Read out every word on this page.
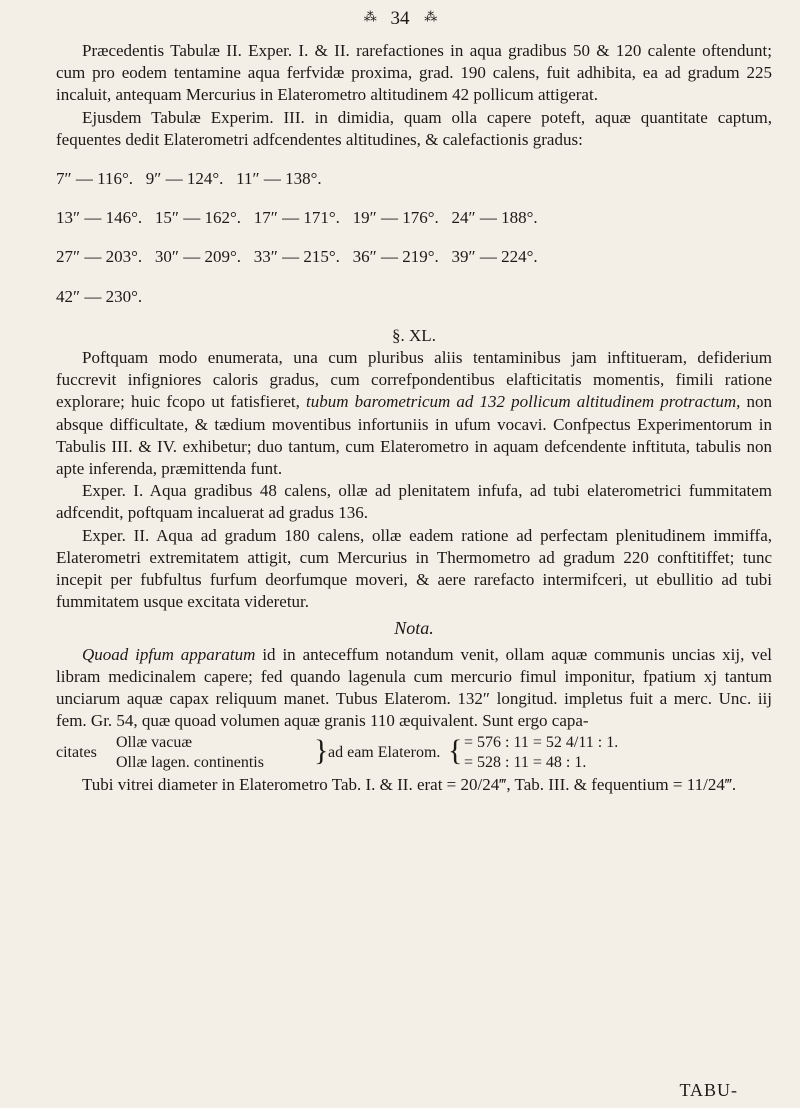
⁂ 34 ⁂

Præcedentis Tabulæ II. Exper. I. & II. rarefactiones in aqua gradibus 50 & 120 calente oftendunt; cum pro eodem tentamine aqua ferfvidæ proxima, grad. 190 calens, fuit adhibita, ea ad gradum 225 incaluit, antequam Mercurius in Elaterometro altitudinem 42 pollicum attigerat.

Ejusdem Tabulæ Experim. III. in dimidia, quam olla capere poteft, aquæ quantitate captum, fequentes dedit Elaterometri adfcendentes altitudines, & calefactionis gradus:

7″ — 116°.   9″ — 124°.   11″ — 138°.

13″ — 146°.   15″ — 162°.   17″ — 171°.   19″ — 176°.   24″ — 188°.

27″ — 203°.   30″ — 209°.   33″ — 215°.   36″ — 219°.   39″ — 224°.

42″ — 230°.

§. XL.

Poftquam modo enumerata, una cum pluribus aliis tentaminibus jam inftitueram, defiderium fuccrevit infigniores caloris gradus, cum correfpondentibus elafticitatis momentis, fimili ratione explorare; huic fcopo ut fatisfieret, tubum barometricum ad 132 pollicum altitudinem protractum, non absque difficultate, & tædium moventibus infortuniis in ufum vocavi. Confpectus Experimentorum in Tabulis III. & IV. exhibetur; duo tantum, cum Elaterometro in aquam defcendente inftituta, tabulis non apte inferenda, præmittenda funt.

Exper. I. Aqua gradibus 48 calens, ollæ ad plenitatem infufa, ad tubi elaterometrici fummitatem adfcendit, poftquam incaluerat ad gradus 136.

Exper. II. Aqua ad gradum 180 calens, ollæ eadem ratione ad perfectam plenitudinem immiffa, Elaterometri extremitatem attigit, cum Mercurius in Thermometro ad gradum 220 conftitiffet; tunc incepit per fubfultus furfum deorfumque moveri, & aere rarefacto intermifceri, ut ebullitio ad tubi fummitatem usque excitata videretur.

Nota.

Quoad ipfum apparatum id in anteceffum notandum venit, ollam aquæ communis uncias xij, vel libram medicinalem capere; fed quando lagenula cum mercurio fimul imponitur, fpatium xj tantum unciarum aquæ capax reliquum manet. Tubus Elaterom. 132″ longitud. impletus fuit a merc. Unc. iij fem. Gr. 54, quæ quoad volumen aquæ granis 110 æquivalent. Sunt ergo capa-

citates
Ollæ vacuæ
Ollæ lagen. continentis } ad eam Elaterom. { = 576 : 11 = 52 4/11 : 1.
= 528 : 11 = 48 : 1.

Tubi vitrei diameter in Elaterometro Tab. I. & II. erat = 20/24‴, Tab. III. & fequentium = 11/24‴.

TABU-
